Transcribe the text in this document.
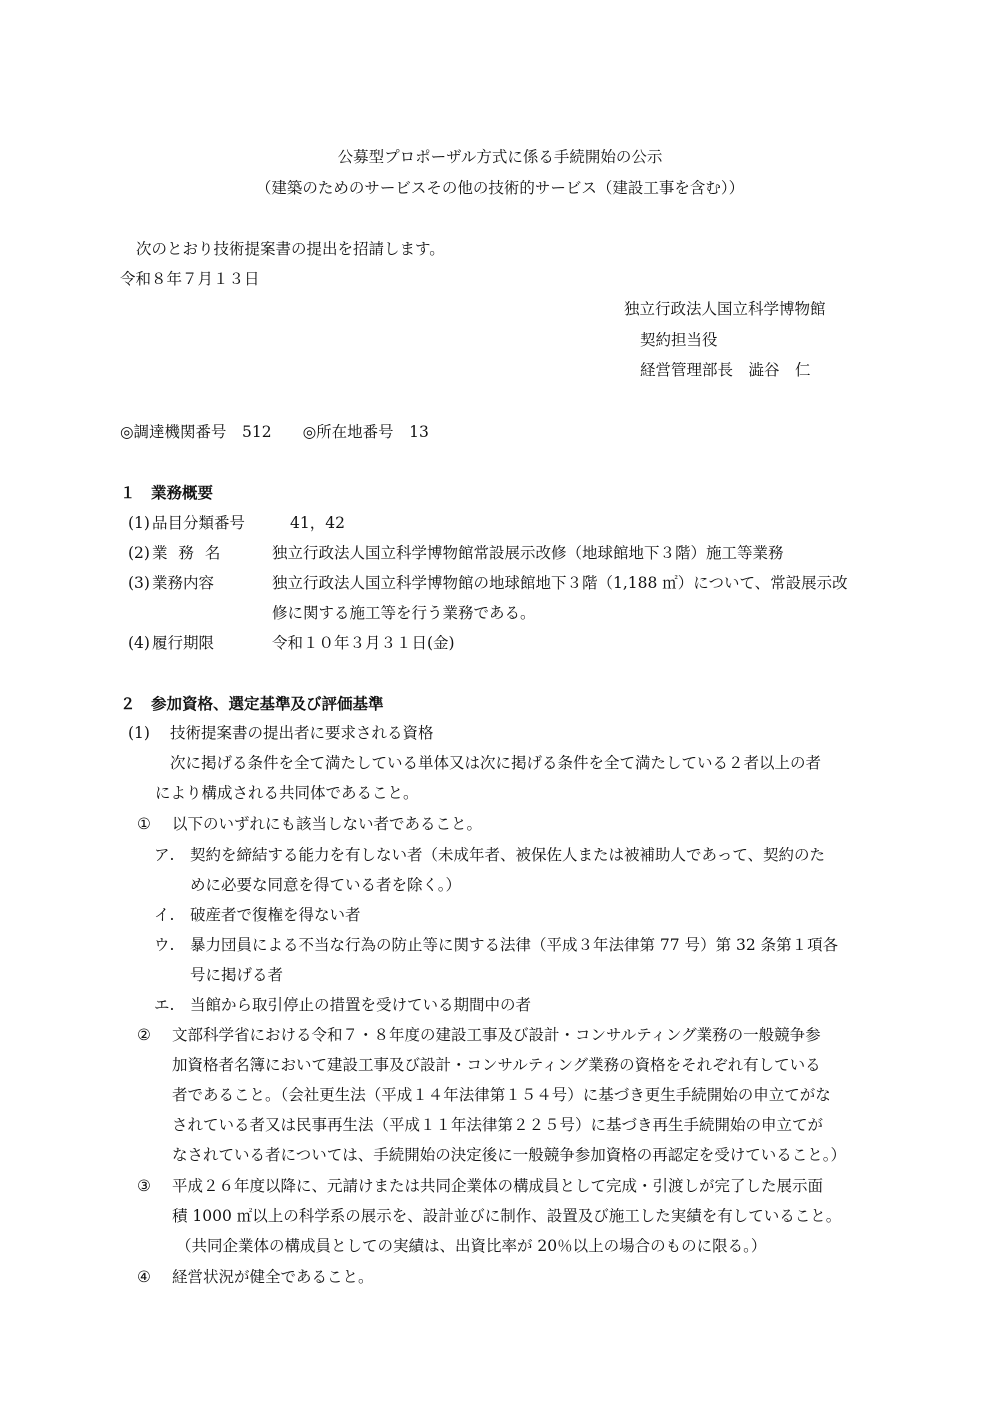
公募型プロポーザル方式に係る手続開始の公示
（建築のためのサービスその他の技術的サービス（建設工事を含む））
次のとおり技術提案書の提出を招請します。
令和８年７月１３日
独立行政法人国立科学博物館
契約担当役
経営管理部長　澁谷　仁
◎調達機関番号　512　　◎所在地番号　13
１　業務概要
(1) 品目分類番号	41，42
(2) 業 務 名	独立行政法人国立科学博物館常設展示改修（地球館地下３階）施工等業務
(3) 業務内容	独立行政法人国立科学博物館の地球館地下３階（1,188 ㎡）について、常設展示改
修に関する施工等を行う業務である。
(4) 履行期限	令和１０年３月３１日(金)
２　参加資格、選定基準及び評価基準
(1) 技術提案書の提出者に要求される資格
次に掲げる条件を全て満たしている単体又は次に掲げる条件を全て満たしている２者以上の者
により構成される共同体であること。
① 以下のいずれにも該当しない者であること。
ア. 契約を締結する能力を有しない者（未成年者、被保佐人または被補助人であって、契約のた
めに必要な同意を得ている者を除く。）
イ. 破産者で復権を得ない者
ウ. 暴力団員による不当な行為の防止等に関する法律（平成３年法律第 77 号）第 32 条第１項各
号に掲げる者
エ. 当館から取引停止の措置を受けている期間中の者
② 文部科学省における令和７・８年度の建設工事及び設計・コンサルティング業務の一般競争参
加資格者名簿において建設工事及び設計・コンサルティング業務の資格をそれぞれ有している
者であること。（会社更生法（平成１４年法律第１５４号）に基づき更生手続開始の申立てがな
されている者又は民事再生法（平成１１年法律第２２５号）に基づき再生手続開始の申立てが
なされている者については、手続開始の決定後に一般競争参加資格の再認定を受けていること。）
③ 平成２６年度以降に、元請けまたは共同企業体の構成員として完成・引渡しが完了した展示面
積 1000 ㎡以上の科学系の展示を、設計並びに制作、設置及び施工した実績を有していること。
（共同企業体の構成員としての実績は、出資比率が 20％以上の場合のものに限る。）
④ 経営状況が健全であること。
